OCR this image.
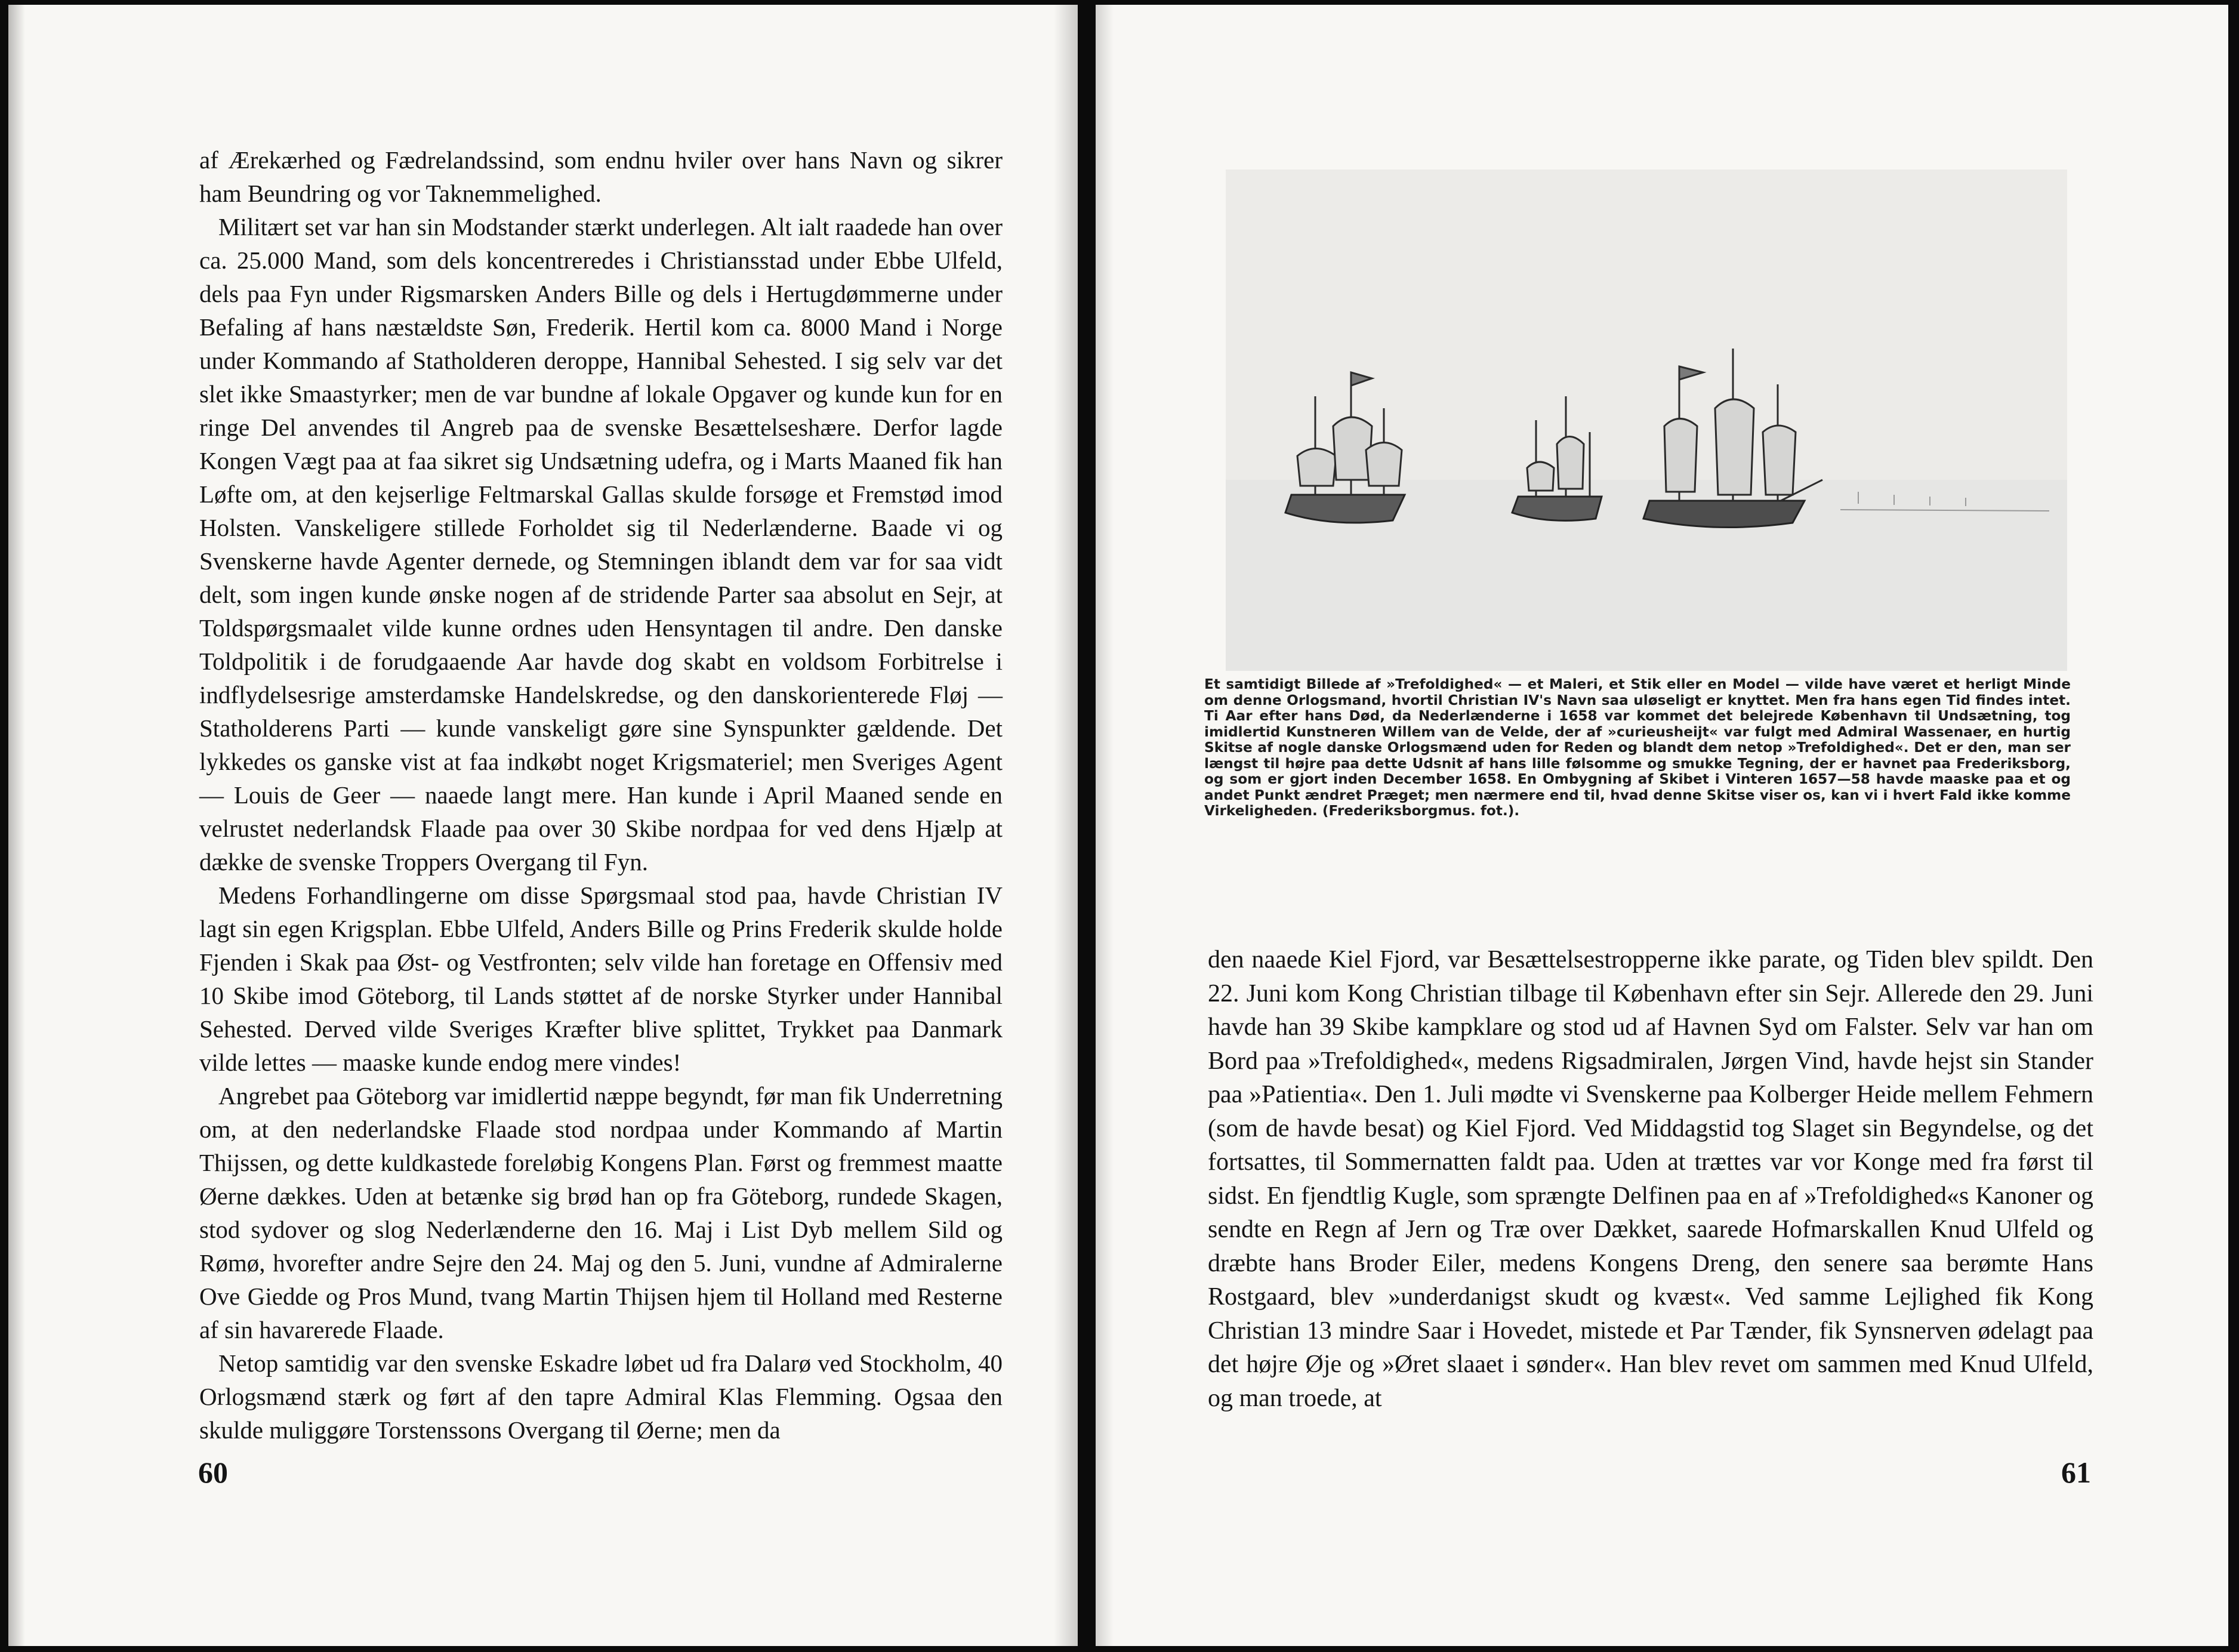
af Ærekærhed og Fædrelandssind, som endnu hviler over hans Navn og sikrer ham Beundring og vor Taknemmelighed.

Militært set var han sin Modstander stærkt underlegen. Alt ialt raadede han over ca. 25.000 Mand, som dels koncentreredes i Christiansstad under Ebbe Ulfeld, dels paa Fyn under Rigsmarsken Anders Bille og dels i Hertugdømmerne under Befaling af hans næstældste Søn, Frederik. Hertil kom ca. 8000 Mand i Norge under Kommando af Statholderen deroppe, Hannibal Sehested. I sig selv var det slet ikke Smaastyrker; men de var bundne af lokale Opgaver og kunde kun for en ringe Del anvendes til Angreb paa de svenske Besættelseshære. Derfor lagde Kongen Vægt paa at faa sikret sig Undsætning udefra, og i Marts Maaned fik han Løfte om, at den kejserlige Feltmarskal Gallas skulde forsøge et Fremstød imod Holsten. Vanskeligere stillede Forholdet sig til Nederlænderne. Baade vi og Svenskerne havde Agenter dernede, og Stemningen iblandt dem var for saa vidt delt, som ingen kunde ønske nogen af de stridende Parter saa absolut en Sejr, at Toldspørgsmaalet vilde kunne ordnes uden Hensyntagen til andre. Den danske Toldpolitik i de forudgaaende Aar havde dog skabt en voldsom Forbitrelse i indflydelsesrige amsterdamske Handelskredse, og den danskorienterede Fløj — Statholderens Parti — kunde vanskeligt gøre sine Synspunkter gældende. Det lykkedes os ganske vist at faa indkøbt noget Krigsmateriel; men Sveriges Agent — Louis de Geer — naaede langt mere. Han kunde i April Maaned sende en velrustet nederlandsk Flaade paa over 30 Skibe nordpaa for ved dens Hjælp at dække de svenske Troppers Overgang til Fyn.

Medens Forhandlingerne om disse Spørgsmaal stod paa, havde Christian IV lagt sin egen Krigsplan. Ebbe Ulfeld, Anders Bille og Prins Frederik skulde holde Fjenden i Skak paa Øst- og Vestfronten; selv vilde han foretage en Offensiv med 10 Skibe imod Göteborg, til Lands støttet af de norske Styrker under Hannibal Sehested. Derved vilde Sveriges Kræfter blive splittet, Trykket paa Danmark vilde lettes — maaske kunde endog mere vindes!

Angrebet paa Göteborg var imidlertid næppe begyndt, før man fik Underretning om, at den nederlandske Flaade stod nordpaa under Kommando af Martin Thijssen, og dette kuldkastede foreløbig Kongens Plan. Først og fremmest maatte Øerne dækkes. Uden at betænke sig brød han op fra Göteborg, rundede Skagen, stod sydover og slog Nederlænderne den 16. Maj i List Dyb mellem Sild og Rømø, hvorefter andre Sejre den 24. Maj og den 5. Juni, vundne af Admiralerne Ove Giedde og Pros Mund, tvang Martin Thijsen hjem til Holland med Resterne af sin havarerede Flaade.

Netop samtidig var den svenske Eskadre løbet ud fra Dalarø ved Stockholm, 40 Orlogsmænd stærk og ført af den tapre Admiral Klas Flemming. Ogsaa den skulde muliggøre Torstenssons Overgang til Øerne; men da

60
Et samtidigt Billede af »Trefoldighed« — et Maleri, et Stik eller en Model — vilde have været et herligt Minde om denne Orlogsmand, hvortil Christian IV's Navn saa uløseligt er knyttet. Men fra hans egen Tid findes intet. Ti Aar efter hans Død, da Nederlænderne i 1658 var kommet det belejrede København til Undsætning, tog imidlertid Kunstneren Willem van de Velde, der af »curieusheijt« var fulgt med Admiral Wassenaer, en hurtig Skitse af nogle danske Orlogsmænd uden for Reden og blandt dem netop »Trefoldighed«. Det er den, man ser længst til højre paa dette Udsnit af hans lille følsomme og smukke Tegning, der er havnet paa Frederiksborg, og som er gjort inden December 1658. En Ombygning af Skibet i Vinteren 1657—58 havde maaske paa et og andet Punkt ændret Præget; men nærmere end til, hvad denne Skitse viser os, kan vi i hvert Fald ikke komme Virkeligheden. (Frederiksborgmus. fot.).

den naaede Kiel Fjord, var Besættelsestropperne ikke parate, og Tiden blev spildt. Den 22. Juni kom Kong Christian tilbage til København efter sin Sejr. Allerede den 29. Juni havde han 39 Skibe kampklare og stod ud af Havnen Syd om Falster. Selv var han om Bord paa »Trefoldighed«, medens Rigsadmiralen, Jørgen Vind, havde hejst sin Stander paa »Patientia«. Den 1. Juli mødte vi Svenskerne paa Kolberger Heide mellem Fehmern (som de havde besat) og Kiel Fjord. Ved Middagstid tog Slaget sin Begyndelse, og det fortsattes, til Sommernatten faldt paa. Uden at trættes var vor Konge med fra først til sidst. En fjendtlig Kugle, som sprængte Delfinen paa en af »Trefoldighed«s Kanoner og sendte en Regn af Jern og Træ over Dækket, saarede Hofmarskallen Knud Ulfeld og dræbte hans Broder Eiler, medens Kongens Dreng, den senere saa berømte Hans Rostgaard, blev »underdanigst skudt og kvæst«. Ved samme Lejlighed fik Kong Christian 13 mindre Saar i Hovedet, mistede et Par Tænder, fik Synsnerven ødelagt paa det højre Øje og »Øret slaaet i sønder«. Han blev revet om sammen med Knud Ulfeld, og man troede, at

61
